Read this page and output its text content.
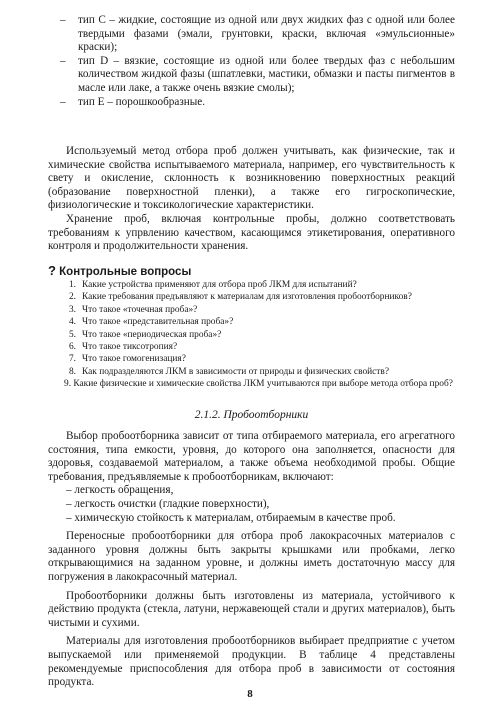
– тип С – жидкие, состоящие из одной или двух жидких фаз с одной или более твердыми фазами (эмали, грунтовки, краски, включая «эмульсионные» краски);

– тип D – вязкие, состоящие из одной или более твердых фаз с небольшим количеством жидкой фазы (шпатлевки, мастики, обмазки и пасты пигментов в масле или лаке, а также очень вязкие смолы);

– тип Е – порошкообразные.

Используемый метод отбора проб должен учитывать, как физические, так и химические свойства испытываемого материала, например, его чувствительность к свету и окисление, склонность к возникновению поверхностных реакций (образование поверхностной пленки), а также его гигроскопические, физиологические и токсикологические характеристики.

Хранение проб, включая контрольные пробы, должно соответствовать требованиям к упрвлению качеством, касающимся этикетирования, оперативного контроля и продолжительности хранения.

? Контрольные вопросы

1. Какие устройства применяют для отбора проб ЛКМ для испытаний?

2. Какие требования предъявляют к материалам для изготовления пробоотборников?

3. Что такое «точечная проба»?

4. Что такое «представительная проба»?

5. Что такое «периодическая проба»?

6. Что такое тиксотропия?

7. Что такое гомогенизация?

8. Как подразделяются ЛКМ в зависимости от природы и физических свойств?

9. Какие физические и химические свойства ЛКМ учитываются при выборе метода отбора проб?

2.1.2. Пробоотборники

Выбор пробоотборника зависит от типа отбираемого материала, его агрегатного состояния, типа емкости, уровня, до которого она заполняется, опасности для здоровья, создаваемой материалом, а также объема необходимой пробы. Общие требования, предъявляемые к пробоотборникам, включают:

– легкость обращения,

– легкость очистки (гладкие поверхности),

– химическую стойкость к материалам, отбираемым в качестве проб.

Переносные пробоотборники для отбора проб лакокрасочных материалов с заданного уровня должны быть закрыты крышками или пробками, легко открывающимися на заданном уровне, и должны иметь достаточную массу для погружения в лакокрасочный материал.

Пробоотборники должны быть изготовлены из материала, устойчивого к действию продукта (стекла, латуни, нержавеющей стали и других материалов), быть чистыми и сухими.

Материалы для изготовления пробоотборников выбирает предприятие с учетом выпускаемой или применяемой продукции. В таблице 4 представлены рекомендуемые приспособления для отбора проб в зависимости от состояния продукта.

8
